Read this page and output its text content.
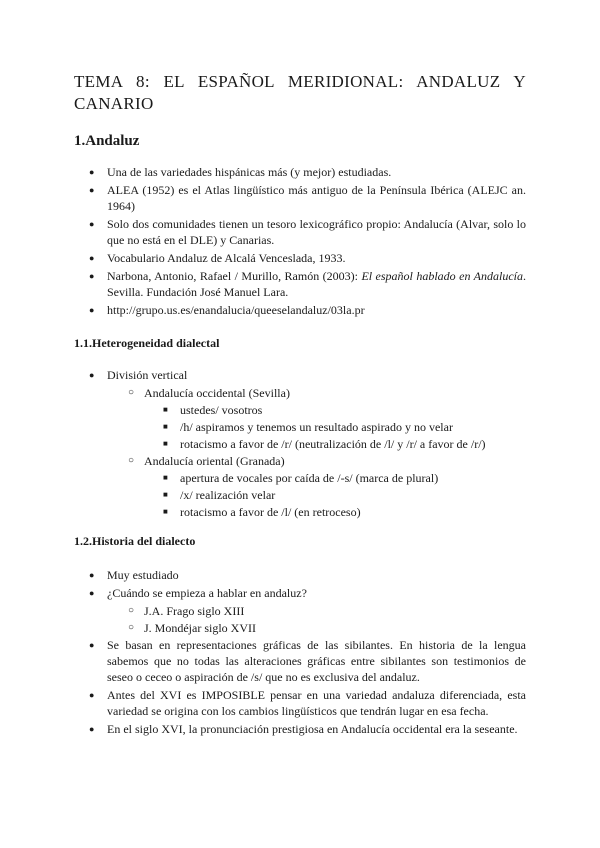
TEMA 8: EL ESPAÑOL MERIDIONAL: ANDALUZ Y CANARIO
1.Andaluz
● Una de las variedades hispánicas más (y mejor) estudiadas.
● ALEA (1952) es el Atlas lingüístico más antiguo de la Península Ibérica (ALEJC an. 1964)
● Solo dos comunidades tienen un tesoro lexicográfico propio: Andalucía (Alvar, solo lo que no está en el DLE) y Canarias.
● Vocabulario Andaluz de Alcalá Venceslada, 1933.
● Narbona, Antonio, Rafael / Murillo, Ramón (2003): El español hablado en Andalucía. Sevilla. Fundación José Manuel Lara.
● http://grupo.us.es/enandalucia/queeselandaluz/03la.pr
1.1.Heterogeneidad dialectal
● División vertical
○ Andalucía occidental (Sevilla)
■ ustedes/ vosotros
■ /h/ aspiramos y tenemos un resultado aspirado y no velar
■ rotacismo a favor de /r/ (neutralización de /l/ y /r/ a favor de /r/)
○ Andalucía oriental (Granada)
■ apertura de vocales por caída de /-s/ (marca de plural)
■ /x/ realización velar
■ rotacismo a favor de /l/ (en retroceso)
1.2.Historia del dialecto
● Muy estudiado
● ¿Cuándo se empieza a hablar en andaluz?
○ J.A. Frago siglo XIII
○ J. Mondéjar siglo XVII
● Se basan en representaciones gráficas de las sibilantes. En historia de la lengua sabemos que no todas las alteraciones gráficas entre sibilantes son testimonios de seseo o ceceo o aspiración de /s/ que no es exclusiva del andaluz.
● Antes del XVI es IMPOSIBLE pensar en una variedad andaluza diferenciada, esta variedad se origina con los cambios lingüísticos que tendrán lugar en esa fecha.
● En el siglo XVI, la pronunciación prestigiosa en Andalucía occidental era la seseante.
